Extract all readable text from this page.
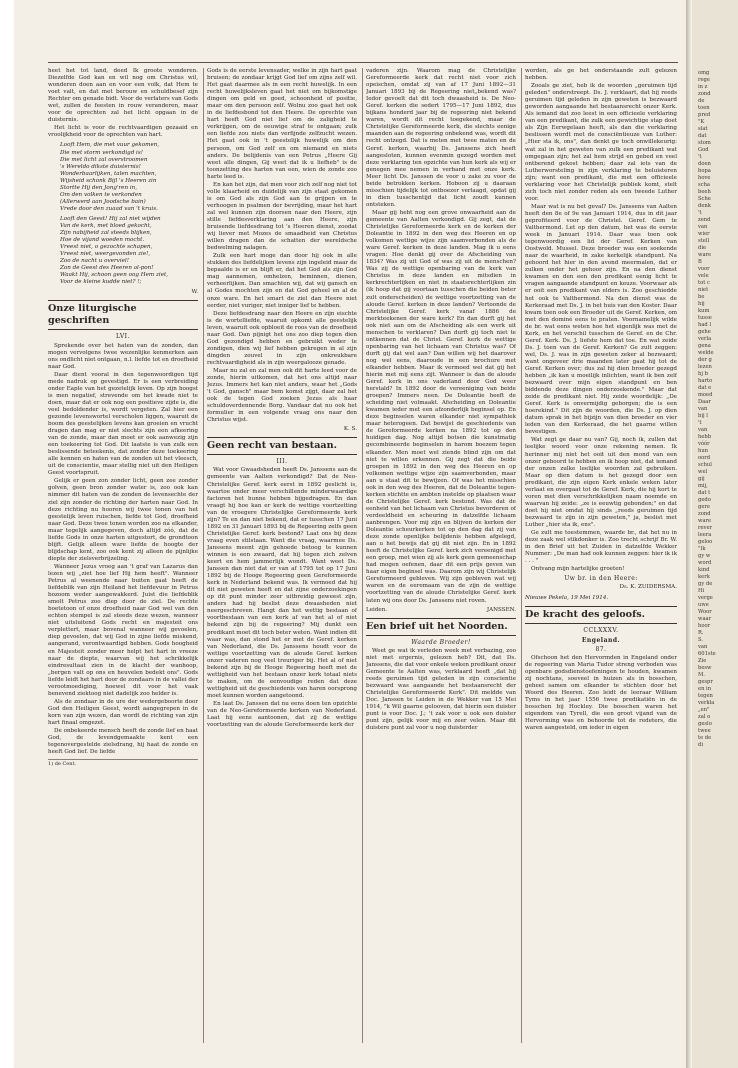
heet het tot land, deed Ik groote wonderen. Diezelfde God kan en wil nog om Christus wil, wonderen doen aan en voor een volk, dat Hem te voet valt, en dat met berouw en schuldbesef zijn Rechter om genade bidt. Voor de verlaters van Gods wet, zullen de feesten in rouw veranderen, maar voor de oprechten zal het licht opgaan in de duisternis.

Het licht is voor de rechtvaardigen gezaaid en vroolijkheid voor de oprechten van hart.

Looft Hem, die met vuur gekomen,
Die met storm verkondigd is!
Die met licht zal overstroomen
's Wereldo dikste duisternis!
Wonderbaarlijken, talen machten,
Wijsheid schonk Bijl 's Heeren zin
Stortte Hij den Jong'ren in,
Om den volken te verkonden
(Allerwerd aan Joodsche bain)
Vrede door den zuaad van 't kruis.
Looft den Geest! Hij zal niet wijden
Van de kerk, met bloed gekocht,
Zijn nabijheid zal steeds blijken,
Hoe de vijand woeden mocht.
Vreest niet, o gezochte schapen,
Vreest niet, weergevonden zie!,
Zoo de nacht u overviel!
Zon de Geest des Heeren al-pon!
Waakt Hij, schoon geen oog Hem ziet,
Voor de kleine kudde niet? !;
W.
Onze liturgische geschriften
LVI.

Sprekende over het haten van de zonden, dan mogen vervolgens twee wezenlijke kenmerken aan ons ondlicht niet ontgaan, n.l. liefde tot en droefheid naar God.

Daar dient vooral in den tegenwoordigen tijd mede nadruk op gevestigd. Er is een verbreiding onder Eaple van het gezetelijk leven. Op zijn hoogst is men negatief, strevende om het kwade niet te doen, maar dat er ook nog een positieve zijde is, die veel bedoldender is, wordt vergeten. Zal hier een gezonde levenswortel verscholen liggen, waaruit de boom des geestelijken levens kan groeien en vrucht dragen dan mag er niet slechts zijn een afkeering van de zonde, maar dan moet er ook aanwezig zijn een toekeering tot God. Dit laatste is van zulk een beslissende beteekenis, dat zonder deze toekeering alle kennen en haten van de zonden uit het vleesch, uit de conscientie, maar stellig niet uit den Heiligen Geest voortspruit.

Gelijk er geen zon zonder licht, geen zee zonder golven, geen bron zonder water is, zoo ook kan nimmer dit haten van de zonden de levensechte der ziel zijn zonder de richting der harten naar God. In deze richting nu hooren wij twee tonen van het geestelijk leven ruischen, liefde tot God, droefheid naar God. Deze twee tonen worden zoo na elkander, maar tegelijk aangegeven, doch altijd zóó, dat de liefde Gods in onze harten uitgestort, de grondtoon blijft. Gelijk alleen ware liefde de hoogte der blijdschap kent, zoo ook kent zij alleen de pijnlijke diepte der zielsverbrijzeling.

Wanneer Jezus vroeg aan 't graf van Lazarus dan lezen wij „ziet hoe lief Hij hem heeft". Wanneer Petrus al weenende naar buiten gaat heeft de liefdeblik van zijn Heiland het liefdevuur in Petrus bozoom weder aangewakkerd. Juist die liefdeblik smolt Petrus zoo diep door de ziel. De rechte boetetoon of onze droefheid naar God wel van den echten stempel is zal steeds deze wezen, wanneer niet uitsluitend Gods recht en majesteit ons verplettert, maar bovenal wanneer wij gevoelen, diep gevoelen, dat wij God in zijne liefde miskend, aangerand, verontwaardigd hebben. Gods hoogheid en Majesteit zonder meer helpt het hart in vreeze naar de diepte, waarvan wij het schrikkelijk eindresultaat zien in de klacht der wanhoop, „bergen valt op ons en heuvelen bedekt ons". Gods liefde leidt het hart door de zondaars in de vallei der verootmoediging, hoewel dit voor het vaak benevend ziektoog niet dadelijk zoo helder is.

Als de zondaar in de ure der wedergeboorte door God den Heiligen Geest, wordt aangegrepen in de korn van zijn wezen, dan wordt de richting van zijn hart finaal omgezet.

De onbekeerde mensch heeft de zonde lief en haat God, de levendgemaakte kent een tegenovergestelde zielsdrang, hij haat de zonde en heeft God lief. De liefde

1) de Cent.

Gods is de eerste levensader, welke in zijn hart gaat bruisen; de zondaar krijgt God lief om zijns zelf wil. Het gaat daarmee als in een recht huwelijk. In een recht huwelijksleven gaat het niet om bijkomstige dingen om geld en goed, schoonheid of positie, maar om den persoon zelf. Wolnu zoo gaat het ook in de liefdesbond tot den Heere. De oprechte van hart heeft God niet lief om de zaligheid te verkrijgen, om de eeuwige straf te ontgaan; zulk een liefde zou niets dan verfijnde zelfzucht wezen. Het gaat ook in 't geestelijk huwelijk om den persoon, om God zelf en om niemand en niets anders. De belijdenis van een Petrus „Heere Gij weet alle dingen, Gij weet dat ik u liefheb" is de toonzetting des harten van een, wien de zonde zoo harte leed is.

En kan het zijn, dat men voor zich zelf nog niet tot volle klaarheid en duidelijk van zijn staat gekomen is om God als zijn God aan te grijpen en te verhoogen in psalmen der bevrijding, maar het hart zal wel kunnen zijn doorsen naar den Heere, zijn stille liefdesverklaring aan den Heere, zijn bruisende liefdesdrang tot 's Heeren dienst, zoodat wij liever met Mozes de smaadheid van Christus willen dragen dan de schatten der wereldsche bedwelming nalagen.

Zulk een hart moge dan door hij ook in alle stukken des liefdelijken levens zijn ingeleid maar de bepaalde is er en blijft er, dat het God als zijn God mag aannemen, omhelzen, beminnen, dienen, verheerlijken. Dan smachten wij, dat wij gansch en al Godes mochten zijn en dat God geheel en al de onze ware. En het smart de ziel dan Heere niet eerder, niet vuriger, niet inniger lief te hebben.

Deze liefdesdrang naar den Heere en zijn eischte is de wortelliefde, waaruit opkomt alle geestelijk leven, waaruit ook opbloeit de roos van de droefheid naar God. Dan pijnigt het ons zoo diep tegen dien God gezondigd hebben en gebruikt weder te zondigen, dien wij lief hebben gekregen in al zijn dingden zouvel in zijn onkreukbare rechtvaardigheid als in zijn weergalooze genade.

Maar nu zal en zal men ook dit harte leed voor de zonde, hierin uitkomen, dat het ons altijd naar Jezus. Immers het kan niet anders, waar het „Gods 't God, gansch" maar bem komst zijgt, daar zal het ook de tegen God zoeken Jezus als haar schuldoverdennende Borg. Vandaar dat nu ook het formulier in een volgende vraag ons naar den Christus wijst.

K. S.
Geen recht van bestaan.
III.

Wat voor Gwaadsheden heeft Ds. Janssens aan de gemeente van Aalten verkondigd? Dat de Neo-Christelijke Geref. kerk eerst in 1892 geslicht is, waartoe onder meer verschillende minderwaardige factoren het hunne hebben bijgedragen. En dan vraagt hij hoe kan er kerk de wettige voortzetting van de vroegere Christelijke Gereformeerde kerk zijn? Te en dan niet bekend, dat er tusschen 17 Juni 1892 en 31 Januari 1893 bij de Regeering zelfs geen Christelijke Geref. kerk bestond? Laat ons bij deze vraag even stilstaan. Want die vraag, waarmee Ds. Janssens meent zijn gehoede betoog te kunnen winnen is een zwaard, dat hij tegen zich zelven keert en hem jammerlijk wondt. Want weet Ds. Janssen dan niet dat er van af 1795 tot op 17 Juni 1892 bij de Hooge Regeering geen Gereformeerde kerk in Nederland bekend was. Ik vermoed dat hij dit niet geweten heeft en dat zijne onderzoekingen op dit punt minder zeer uitbreidig geweest zijn, anders had hij beslist deze dwaasheden niet neergeschreven. Hangt dan het wettig bestaan of voortbestaan van een kerk af van het al of niet bekend zijn bij de regeering? Mij dunkt een predikant moet dit toch beter weten. Want indien dit waar was, dan stond het er met de Geref. kerken van Nederland, die Ds. Janssens houdt voor de wettige voortzetting van de aloude Geref. kerken onzer vaderen nog veel treuriger bij. Het al of niet bekend zijn bij de Hooge Regeering heeft met de wettigheid van het bestaan onzer kerk totaal niets te maken, om de eenvoudige reden dat deze wettigheid uit de geschiedenis van haren oorsprong moet kunnen worden aangetoond.

En laat Ds. Janssen dat nu eens doen ten opzichte van de Neo-Gereformeerde kerken van Nederland. Laat hij eens aantoonen, dat zij de wettige voortzetting van de aloude Gereformeerde kerk der

vaderen zijn. Waarom mag de Christelijke Gereformeerde kerk dat recht niet voor zich opeischen, omdat zij van af 17 Juni 1892—31 Januari 1893 bij de Regeering niet„bekend was? Iedor gevoelt dat dit toch dwaasheid is. De Neo-Geref. kerken die sedert 1795—17 Juni 1892, dus bijkans honderd jaar bij de regeering niet bekend waren, wordt dit recht toegekend, maar de Christelijke Gereformeerde kerk, die slechts eenige maanden aan de regeering onbekend was, wordt dit recht ontzegd. Dat is meten met twee maten en de Geref. kerken, waarbij Ds. Janssens zich heeft aangesloten, kunnen evenmin gezegd worden met deze verklaring ten opzichte van hun kerk als wij er genegen mee nemen in verband met onze kerk. Meer licht Ds. Janssen de voor u zake zu voor de beide betrokken kerken. Hoboon zij u daaraan misschien tijdelijk tot ontboezer verlaagd, opdat gij in dien tusschentijd dat licht zoudt kunnen ontsteken.

Maar gij hebt nog een grove onwaarheid aan de gemeente van Aalten verkondigd. Gij zegt, dat de Christelijke Gereformeerde kerk en de kerken der Doleantie in 1892 in den weg des Heeren en op volkomen wettige wijze zijn saamverbonden als de ware Geref. kerken in deze landen. Mag ik u eens vragen: Hoe denkt gij over de Afscheiding van 1834? Was zij uit God of was zij uit de menschen? Was zij de wettige openbaring van de kerk van Christus in deze landen en mitsdien in kerkrechterlijken en niet in staatsrechterlijken zin (ik hoop dat gij voortaan tusschen die beiden beter zult onderscheiden) de wettige voortzetting van de aloude Geref. kerken in deze landen? Vertoonde de Christelijke Geref. kerk vanaf 1886 de merkteekenen der ware kerk? En dan durft gij het ook niet aan om de Afscheiding als een werk uit menschen te verklaren? Dan durft gij toch niet te ontkennen dat de Christ. Geref. kerk de wettige openbaring van het lichaam van Christus was? Of durft gij dat wel aan? Dan willen wij het daarover nog wel eens, daaroude in een brochure met elkander hebben. Maar ik vermoed wel dat gij het hierin met mij eens zijt. Wanneer is dan de aloude Geref. kerk in ons vaderland door God weer herstald? In 1892 door de vereeniging van beide groepen? Immers neen. De Doleantie heeft de scheiding niet volmaakt. Afscheiding en Doleantie kwamen ieder met een afzonderlijk beginsel op. En deze beginselen waren elkander niet sympathiek maar heterogeen. Dat bewijst de geschiedenis van de Gereformeerde kerken na 1892 tot op den huidigen dag. Nog altijd botsen die kunstmatig gecombineerde beginselen in harom boezem tegen elkander. Men moet wel ziende blind zijn om dat niet te willen erkennen. Gij zegt dat die beide groepen in 1892 in den weg des Heeren en op volkomen wettige wijze zijn saamverbonden, maar aan u staat dit te bewijzen. Of was het misschien ook in den weg des Heeren, dat de Doleantie tegen-kerken stichtte en ambten instelde op plaatsen waar de Christelijke Geref. kerk bestond. Was dat de eenheid van het lichaam van Christus bevorderen of verdeeldheid en scheuring in datzelfde lichaam aanbrengen. Voor mij zijn en blijven de kerken der Doleantie scheurkerken tot op den dag dat zij van deze zonde openlijke belijdenis hebben afgelegd, aan u het bewijs dat gij dit niet zijn. En in 1892 heeft de Christelijke Geref. kerk zich vereenigd met een groep, met wien zij als kerk geen gemeenschap had mogen oefenen, daar dit een prijs geven van haar eigen beginsel was. Daarom zijn wij Christelijk Gereformeerd gebleven. Wij zijn gebleven wat wij waren en de eeremaam van de zijn de wettige voortzetting van de aloude Christelijke Geref. kerk laten wij ons door Ds. Janssens niet roven.

Leiden.	JANSSEN.
Een brief uit het Noorden.
Waarde Broeder!

Weet ge wat ik verleden week met verbazing, zoo niet met ergernis, gelezen heb? Dit, dat Ds. Janssens, die dat voor enkele weken predikant onzer Gemeente te Aalten was, verklaard heeft „dat hij reeds geruimen tijd geleden in zijn conscientie bezwaard was aangaande het bestaansrecht der Christelijke Gereformeerde Kerk". Dit meldde van Doc. Janssen te Leiden in de Wekker van 15 Mei 1914, "k Wil gaarne gelooven, dat hierin een duister punt is voor Doc. J.; 't zak voor u ook een duister punt zijn, gelijk voor mij en zeer velen. Maar dit duistere punt zal voor u nog duisterder

worden, als ge het onderstaande zult gelezen hebben.

Zooals ge ziet, heb ik de woorden „geruimen tijd geleden" onderstreept. Ds. J. verklaart, dat hij reeds geruimen tijd geleden in zijn geweten is bezwaard geworden aangaande het bestaansrecht onzer Kerk. Als iemand dat zoo leest in een officieele verklaring van een predikant, die zulk een gewichtige stap doet als Zijn Eerwgelaan heeft, als dan die verklaring beslissen wordt met de consciëntieuze van Luther: „Hier sta ik, ons", dan denkt ge toch onwillekeurig: wat zal in het geweten van zulk een predikant wat omgegaan zijn; het zal hem strijd en gebed en veel ontberend gekost hebben; daar zal iets van de Lutherworsteling in zijn verklaring te beluisteren zijn; want een predikant, die met een officieele verklaring voor het Christelijk publiek komt, stelt zich toch niet zonder reden als een tweede Luther voor.

Maar wat is nu het geval? Ds. Janssens van Aalten heeft den 8e of 9e van Januari 1914, dus in dit jaar geprofiteerd voor de Christel. Geref. Gem te Valthermond. Let op den datum, het was de eerste week in Januari 1914. Daar was toen ook tegenwoordig een lid der Geref. Kerken van Oostwold. Mussel. Deze broeder was een soekende naar de waarheid, in zake kerkelijk standpunt. Na gehoord het hier in den avond meermalen, dat er zulken onder het gehoor zijn. En na den dienst kwamen en den een den predikant eenig licht te vragen aangaande standpunt en keuze. Voorwaar als er ooit een predikant van elders is. Zoo geschiedde het ook te Valthermond. Na den dienst was de Kerkeraad met Ds. J. in het huis van den Koster. Daar kwam toen ook een Broeder uit de Geref. Kerken, om met den dominé eens te praten. Voornamelijk wilde de br. wat eens weten hoe het eigenlijk was met de Kerk, en het verschil tusschen de Geref. en de Chr. Geref. Kerk. Ds. J. liefste hem dat toe. En wat zeide Ds. J. toen van de Geref. Kerken? Ge zult zeggen: wel, Ds. J. was in zijn geweten zeker al bezwaard; want ongeveer drie maanden later gaat hij tot de Geref. Kerken over; dus zal hij dien broeder gezegd hebben „ik kan u moeilijk inlichten, want ik ben zelf bezwaard over mijn eigen standpunt en ben biddende deze dingen onderzoekende." Maar dat zeide de predikant niet. Hij zeide woordelijk: „De Geref. Kerk is onvermijdig geborgen; die is een hoerekind." Dit zijn de woorden, die Ds. J. op dien datum sprak in het bijzijn van dien broeder en vier leden van den Kerkeraad, die het gaarne willen bevestigen.

Wat zegt ge daar nu van? Gij, noch ik, zullen dat leelijke woord voor onze rekening nemen. Ik herinner mij niet het ooit uit den mond van een onzer geboord te hebben en ik hoop niet, dat iemand der onzen zulke leelijke woorden zal gebruiken. Maar op dien datum is het gezegd door een predikant, die zijn eigen Kerk enkele weken later verlaat en overgaat tot de Geref. Kerk, die hij kort te voren met dien verschrikkelijken naam noemde en waarvan hij zeide: „ze is eeuwtig gebonden;" en dat doet hij niet omdat hij sinds „reeds geruimen tijd bezwaard te zijn in zijn geweten," ja, beslist met Luther „hier sta ik, ens".

Ge zult me toestemmen, waarde br., dat het nu in deze zaak wel stikdonker is. Zoo trecht schrijf Br. W. in den Brief uit het Zuiden in datzelfde Wekker Nummer: „De man had ook kunnen zeggen: hier ik ik . . . "

Ontvang mijn hartelijke groeten!

Uw br. in den Heere:
Ds. K. ZUIDERSMA.
Nieuwe Pekela, 19 Mei 1914.
De kracht des geloofs.
CCLXXXV.
Engeland.
87.

Ofschoon het den Hervormden in Engeland onder de regeering van Maria Tudor streng verboden was openbare godsdienstoefeningen te houden, kwamen zij nochtans, soeveel in huizen als in bosschen, geheel samen om elkander te stichten door het Woord des Heeren. Zoo leidt de leeraar William Tyms in het jaar 1556 twee predikatiën in de bosschen bij Hockley. Die bosschen waren het eigendom van Tyrell, die een groot vijand van de Hervorming was en behoorde tot de redeters, die waren aangesteld, om ieder in eigen

omg
rege
in z
zond
de
toen
pred
"K
slat
dat
stom
God
't
doen
bopa
hove
scha
beeh
Sche
denk
't
zend
van
wier
stell
die
ware
B
voor
vele
tot c
niet
be
hij
kum
tusse
had l
gehe
verla
gena
welde
der g
lezen
hj b
harto
dat e
moed
Daar
van
bij l
't
van
hebb
vóór
hun
oord
schul
wel
gij
mij,
dat t
gedo
gere
zond
ware
rever
leera
geloo
"Ik
gy w
word
kind
kerk
gy de
Hi
verge
uwe
Woor
waar
hoor
R.
S.
van
601ste
Zie
besw
M.
gespr
en in
tegen
verkla
„en"
zal o
geslo
twee
te de
di
